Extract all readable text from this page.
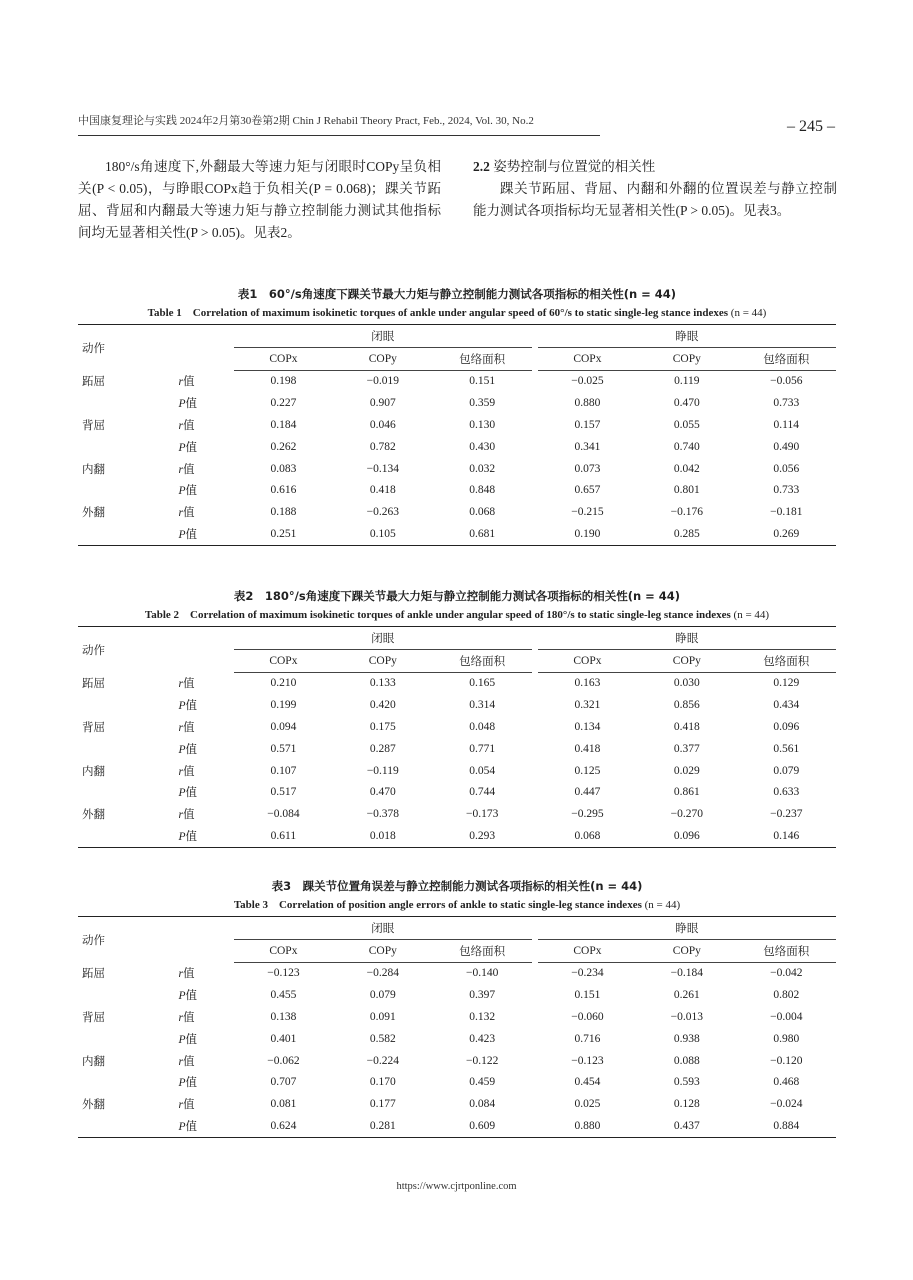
中国康复理论与实践 2024年2月第30卷第2期 Chin J Rehabil Theory Pract, Feb., 2024, Vol. 30, No.2	– 245 –

180°/s角速度下,外翻最大等速力矩与闭眼时COPy呈负相关(P < 0.05)，与睁眼COPx趋于负相关(P = 0.068)；踝关节跖屈、背屈和内翻最大等速力矩与静立控制能力测试其他指标间均无显著相关性(P > 0.05)。见表2。

2.2 姿势控制与位置觉的相关性

踝关节跖屈、背屈、内翻和外翻的位置误差与静立控制能力测试各项指标均无显著相关性(P > 0.05)。见表3。

表1　60°/s角速度下踝关节最大力矩与静立控制能力测试各项指标的相关性(n = 44)
Table 1　Correlation of maximum isokinetic torques of ankle under angular speed of 60°/s to static single-leg stance indexes (n = 44)
动作		闭眼				睁眼		
		COPx	COPy	包络面积		COPx	COPy	包络面积
跖屈	r值	0.198	−0.019	0.151		−0.025	0.119	−0.056
	P值	0.227	0.907	0.359		0.880	0.470	0.733
背屈	r值	0.184	0.046	0.130		0.157	0.055	0.114
	P值	0.262	0.782	0.430		0.341	0.740	0.490
内翻	r值	0.083	−0.134	0.032		0.073	0.042	0.056
	P值	0.616	0.418	0.848		0.657	0.801	0.733
外翻	r值	0.188	−0.263	0.068		−0.215	−0.176	−0.181
	P值	0.251	0.105	0.681		0.190	0.285	0.269
表2　180°/s角速度下踝关节最大力矩与静立控制能力测试各项指标的相关性(n = 44)
Table 2　Correlation of maximum isokinetic torques of ankle under angular speed of 180°/s to static single-leg stance indexes (n = 44)
动作		闭眼				睁眼		
		COPx	COPy	包络面积		COPx	COPy	包络面积
跖屈	r值	0.210	0.133	0.165		0.163	0.030	0.129
	P值	0.199	0.420	0.314		0.321	0.856	0.434
背屈	r值	0.094	0.175	0.048		0.134	0.418	0.096
	P值	0.571	0.287	0.771		0.418	0.377	0.561
内翻	r值	0.107	−0.119	0.054		0.125	0.029	0.079
	P值	0.517	0.470	0.744		0.447	0.861	0.633
外翻	r值	−0.084	−0.378	−0.173		−0.295	−0.270	−0.237
	P值	0.611	0.018	0.293		0.068	0.096	0.146
表3　踝关节位置角误差与静立控制能力测试各项指标的相关性(n = 44)
Table 3　Correlation of position angle errors of ankle to static single-leg stance indexes (n = 44)
动作		闭眼				睁眼		
		COPx	COPy	包络面积		COPx	COPy	包络面积
跖屈	r值	−0.123	−0.284	−0.140		−0.234	−0.184	−0.042
	P值	0.455	0.079	0.397		0.151	0.261	0.802
背屈	r值	0.138	0.091	0.132		−0.060	−0.013	−0.004
	P值	0.401	0.582	0.423		0.716	0.938	0.980
内翻	r值	−0.062	−0.224	−0.122		−0.123	0.088	−0.120
	P值	0.707	0.170	0.459		0.454	0.593	0.468
外翻	r值	0.081	0.177	0.084		0.025	0.128	−0.024
	P值	0.624	0.281	0.609		0.880	0.437	0.884
https://www.cjrtponline.com
